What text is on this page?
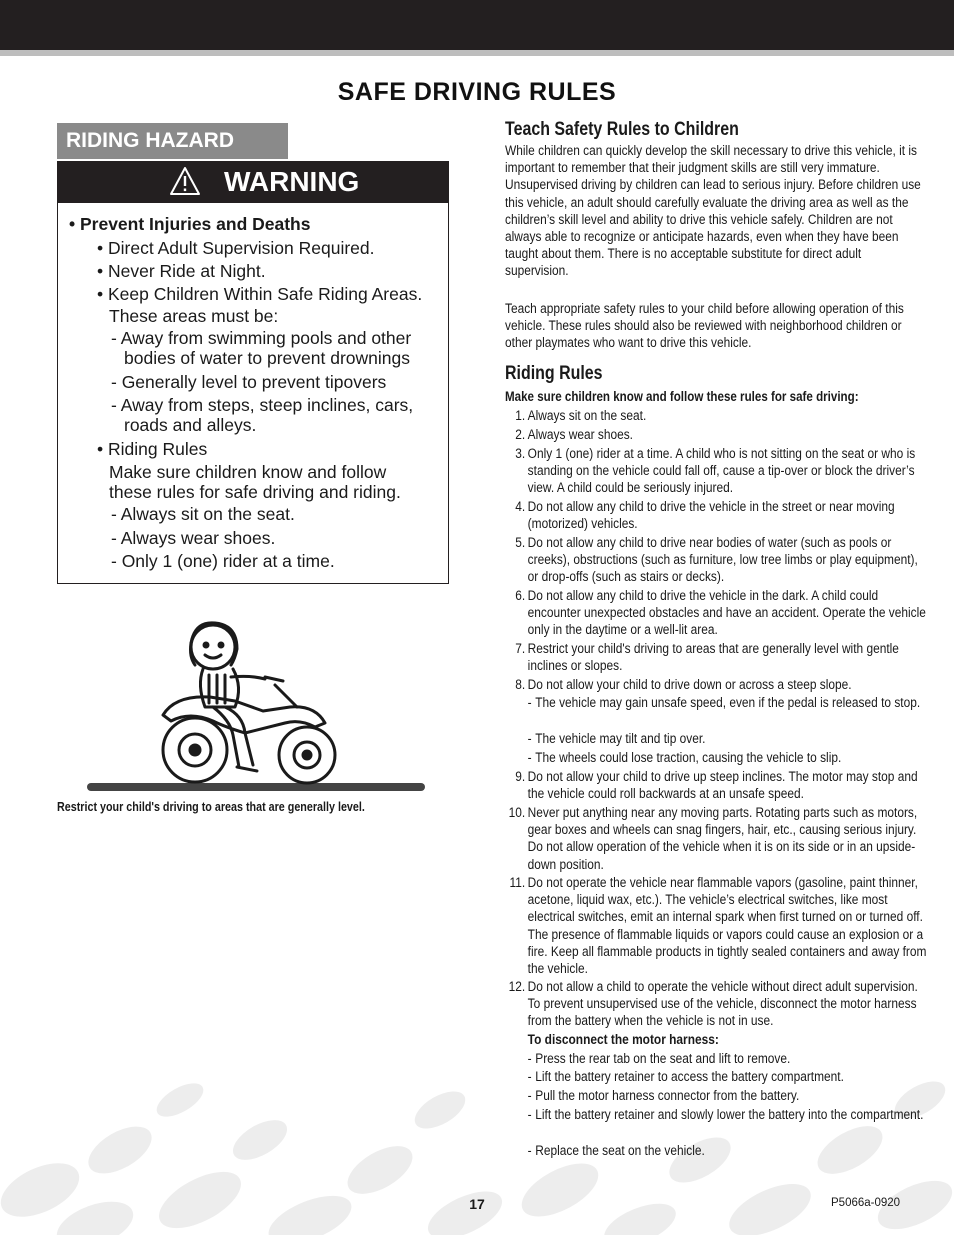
SAFE DRIVING RULES
RIDING HAZARD
WARNING
• Prevent Injuries and Deaths
• Direct Adult Supervision Required.
• Never Ride at Night.
• Keep Children Within Safe Riding Areas.
These areas must be:
- Away from swimming pools and other
bodies of water to prevent drownings
- Generally level to prevent tipovers
- Away from steps, steep inclines, cars,
roads and alleys.
• Riding Rules
Make sure children know and follow
these rules for safe driving and riding.
- Always sit on the seat.
- Always wear shoes.
- Only 1 (one) rider at a time.
Restrict your child's driving to areas that are generally level.
Teach Safety Rules to Children
While children can quickly develop the skill necessary to drive this vehicle, it is important to remember that their judgment skills are still very immature. Unsupervised driving by children can lead to serious injury. Before children use this vehicle, an adult should carefully evaluate the driving area as well as the children’s skill level and ability to drive this vehicle safely. Children are not always able to recognize or anticipate hazards, even when they have been taught about them. There is no acceptable substitute for direct adult supervision.
Teach appropriate safety rules to your child before allowing operation of this vehicle. These rules should also be reviewed with neighborhood children or other playmates who want to drive this vehicle.
Riding Rules
Make sure children know and follow these rules for safe driving:
1. Always sit on the seat.
2. Always wear shoes.
3. Only 1 (one) rider at a time. A child who is not sitting on the seat or who is standing on the vehicle could fall off, cause a tip-over or block the driver’s view. A child could be seriously injured.
4. Do not allow any child to drive the vehicle in the street or near moving (motorized) vehicles.
5. Do not allow any child to drive near bodies of water (such as pools or creeks), obstructions (such as furniture, low tree limbs or play equipment), or drop-offs (such as stairs or decks).
6. Do not allow any child to drive the vehicle in the dark. A child could encounter unexpected obstacles and have an accident. Operate the vehicle only in the daytime or a well-lit area.
7. Restrict your child's driving to areas that are generally level with gentle inclines or slopes.
8. Do not allow your child to drive down or across a steep slope.
- The vehicle may gain unsafe speed, even if the pedal is released to stop.
- The vehicle may tilt and tip over.
- The wheels could lose traction, causing the vehicle to slip.
9. Do not allow your child to drive up steep inclines. The motor may stop and the vehicle could roll backwards at an unsafe speed.
10. Never put anything near any moving parts. Rotating parts such as motors, gear boxes and wheels can snag fingers, hair, etc., causing serious injury. Do not allow operation of the vehicle when it is on its side or in an upside-down position.
11. Do not operate the vehicle near flammable vapors (gasoline, paint thinner, acetone, liquid wax, etc.). The vehicle’s electrical switches, like most electrical switches, emit an internal spark when first turned on or turned off. The presence of flammable liquids or vapors could cause an explosion or a fire. Keep all flammable products in tightly sealed containers and away from the vehicle.
12. Do not allow a child to operate the vehicle without direct adult supervision. To prevent unsupervised use of the vehicle, disconnect the motor harness from the battery when the vehicle is not in use.
To disconnect the motor harness:
- Press the rear tab on the seat and lift to remove.
- Lift the battery retainer to access the battery compartment.
- Pull the motor harness connector from the battery.
- Lift the battery retainer and slowly lower the battery into the compartment.
- Replace the seat on the vehicle.
17	P5066a-0920
